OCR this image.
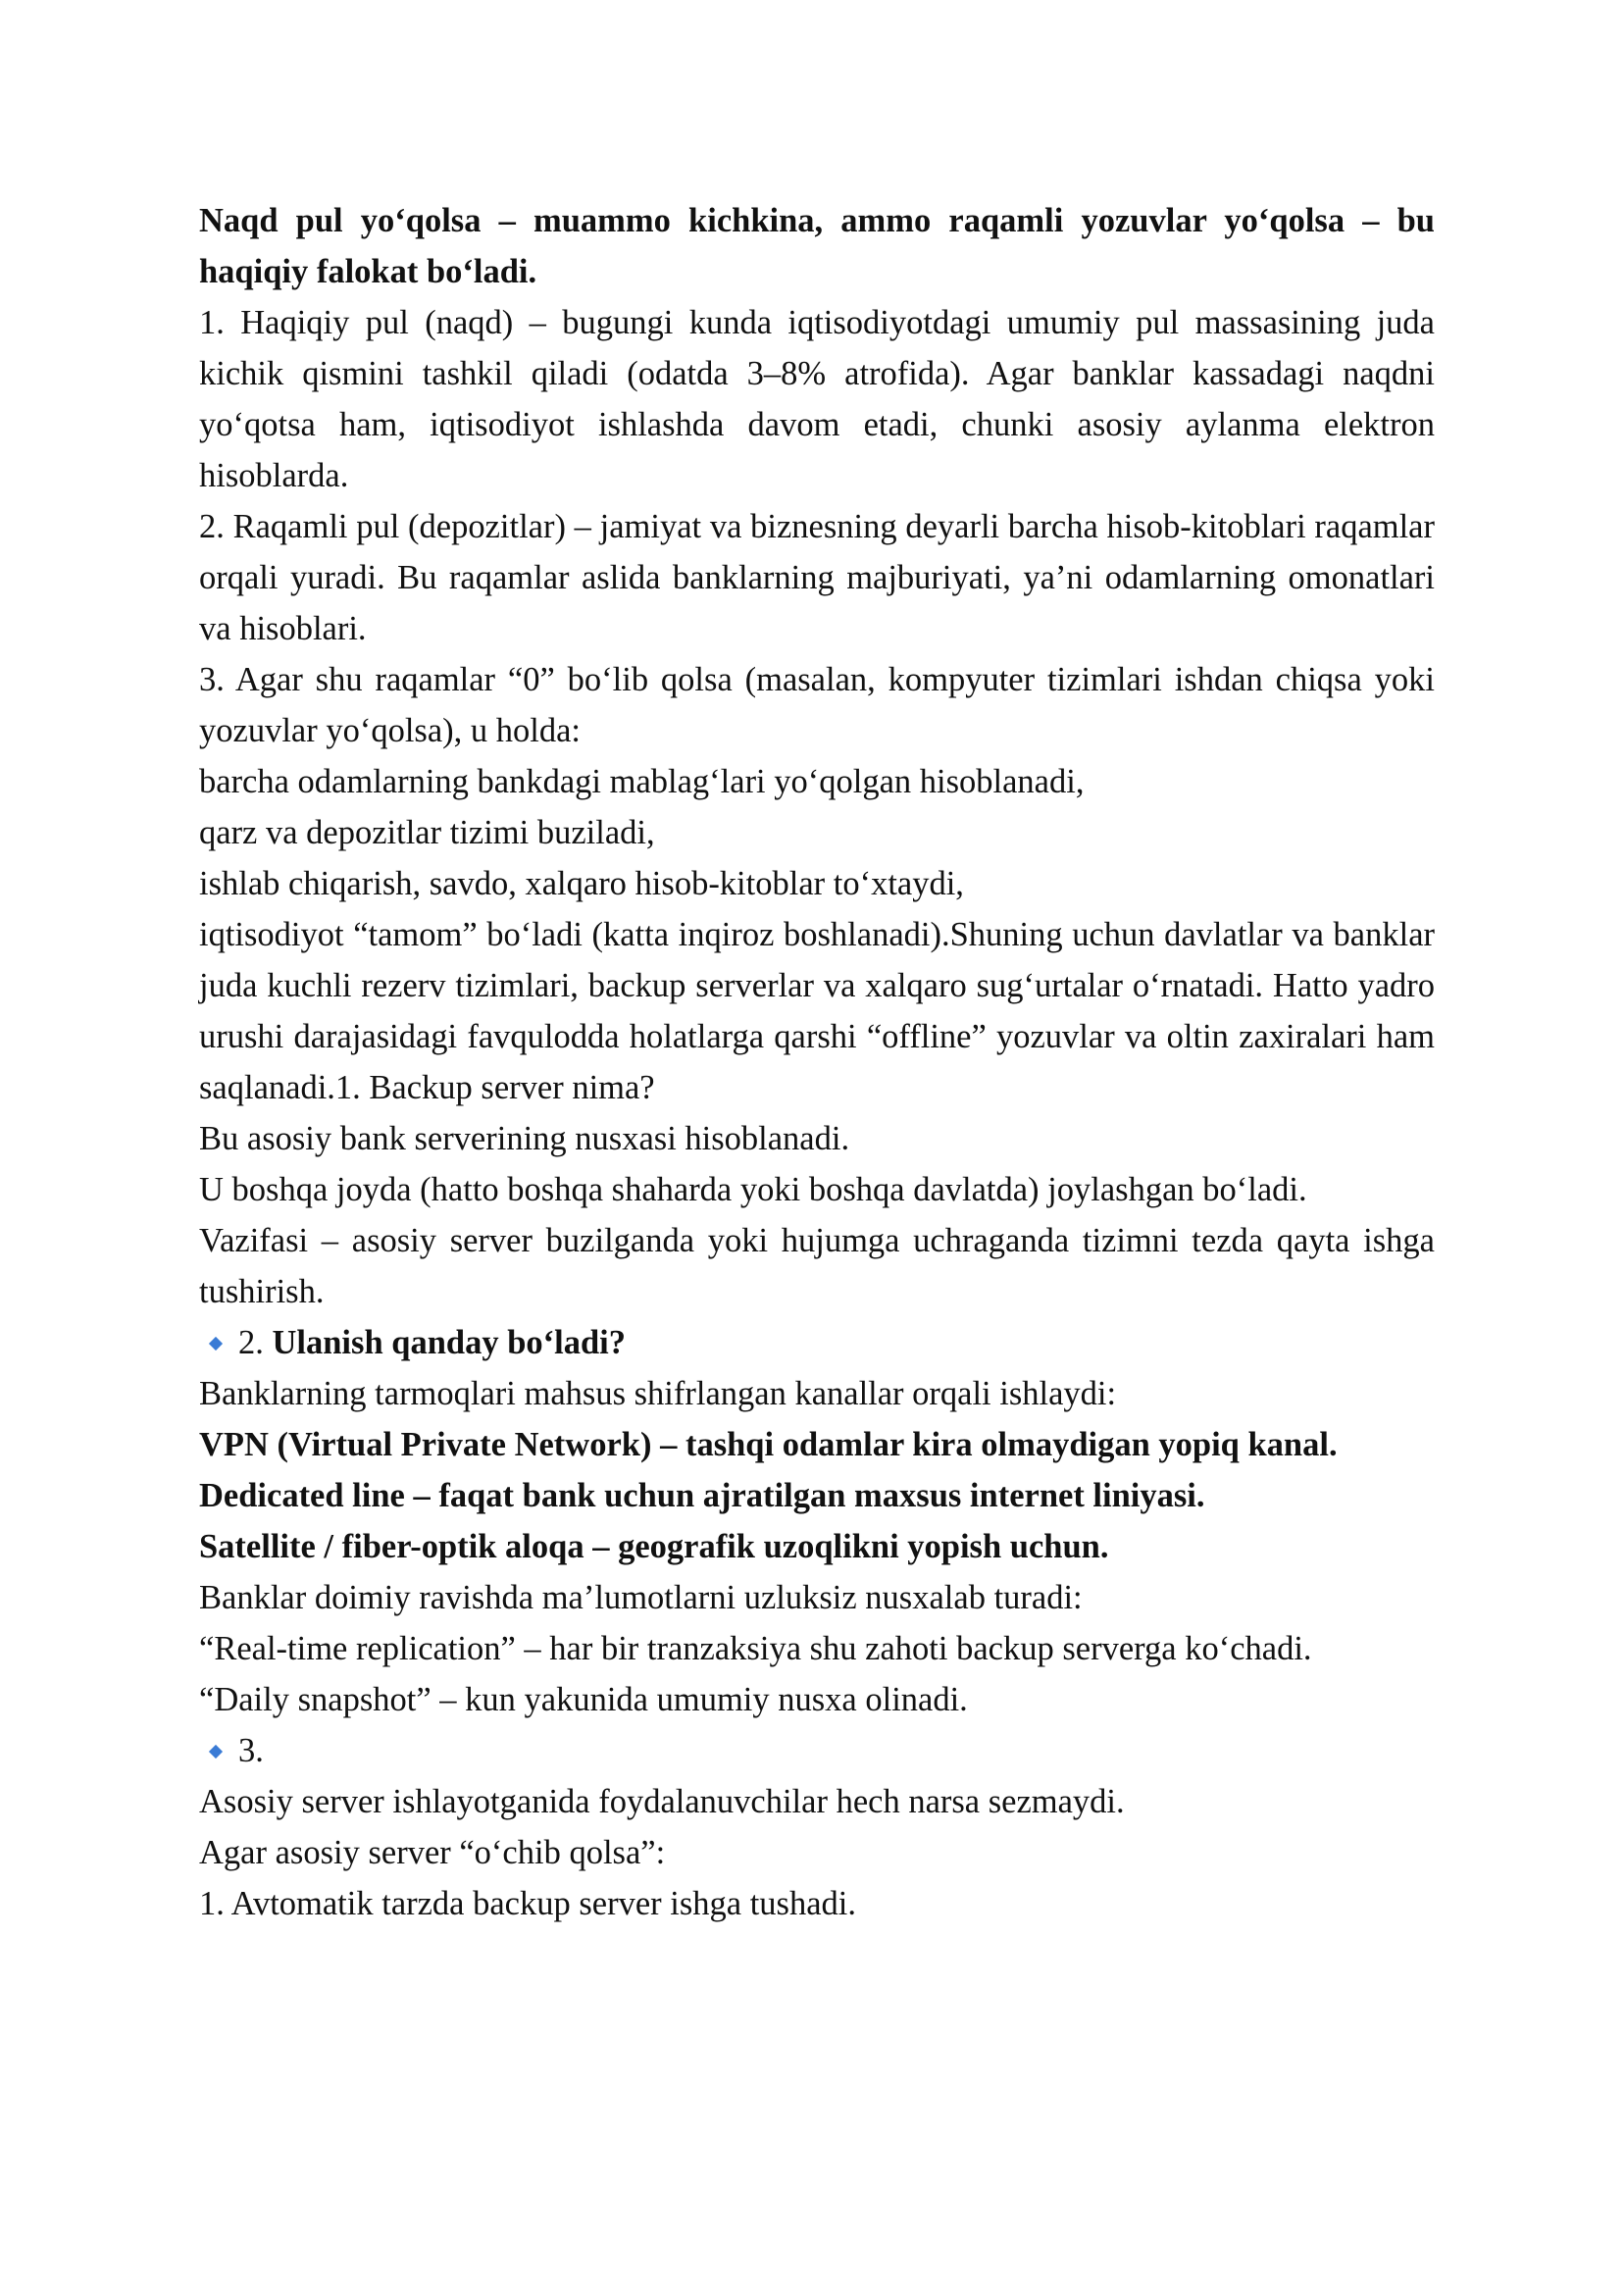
Naqd pul yo‘qolsa – muammo kichkina, ammo raqamli yozuvlar yo‘qolsa – bu haqiqiy falokat bo‘ladi.

1. Haqiqiy pul (naqd) – bugungi kunda iqtisodiyotdagi umumiy pul massasining juda kichik qismini tashkil qiladi (odatda 3–8% atrofida). Agar banklar kassadagi naqdni yo‘qotsa ham, iqtisodiyot ishlashda davom etadi, chunki asosiy aylanma elektron hisoblarda.

2. Raqamli pul (depozitlar) – jamiyat va biznesning deyarli barcha hisob-kitoblari raqamlar orqali yuradi. Bu raqamlar aslida banklarning majburiyati, ya’ni odamlarning omonatlari va hisoblari.

3. Agar shu raqamlar “0” bo‘lib qolsa (masalan, kompyuter tizimlari ishdan chiqsa yoki yozuvlar yo‘qolsa), u holda:

barcha odamlarning bankdagi mablag‘lari yo‘qolgan hisoblanadi,

qarz va depozitlar tizimi buziladi,

ishlab chiqarish, savdo, xalqaro hisob-kitoblar to‘xtaydi,

iqtisodiyot “tamom” bo‘ladi (katta inqiroz boshlanadi).Shuning uchun davlatlar va banklar juda kuchli rezerv tizimlari, backup serverlar va xalqaro sug‘urtalar o‘rnatadi. Hatto yadro urushi darajasidagi favqulodda holatlarga qarshi “offline” yozuvlar va oltin zaxiralari ham saqlanadi.1. Backup server nima?

Bu asosiy bank serverining nusxasi hisoblanadi.

U boshqa joyda (hatto boshqa shaharda yoki boshqa davlatda) joylashgan bo‘ladi.

Vazifasi – asosiy server buzilganda yoki hujumga uchraganda tizimni tezda qayta ishga tushirish.

2. Ulanish qanday bo‘ladi?

Banklarning tarmoqlari mahsus shifrlangan kanallar orqali ishlaydi:

VPN (Virtual Private Network) – tashqi odamlar kira olmaydigan yopiq kanal.

Dedicated line – faqat bank uchun ajratilgan maxsus internet liniyasi.

Satellite / fiber-optik aloqa – geografik uzoqlikni yopish uchun.

Banklar doimiy ravishda ma’lumotlarni uzluksiz nusxalab turadi:

“Real-time replication” – har bir tranzaksiya shu zahoti backup serverga ko‘chadi.

“Daily snapshot” – kun yakunida umumiy nusxa olinadi.

3.

Asosiy server ishlayotganida foydalanuvchilar hech narsa sezmaydi.

Agar asosiy server “o‘chib qolsa”:

1. Avtomatik tarzda backup server ishga tushadi.
